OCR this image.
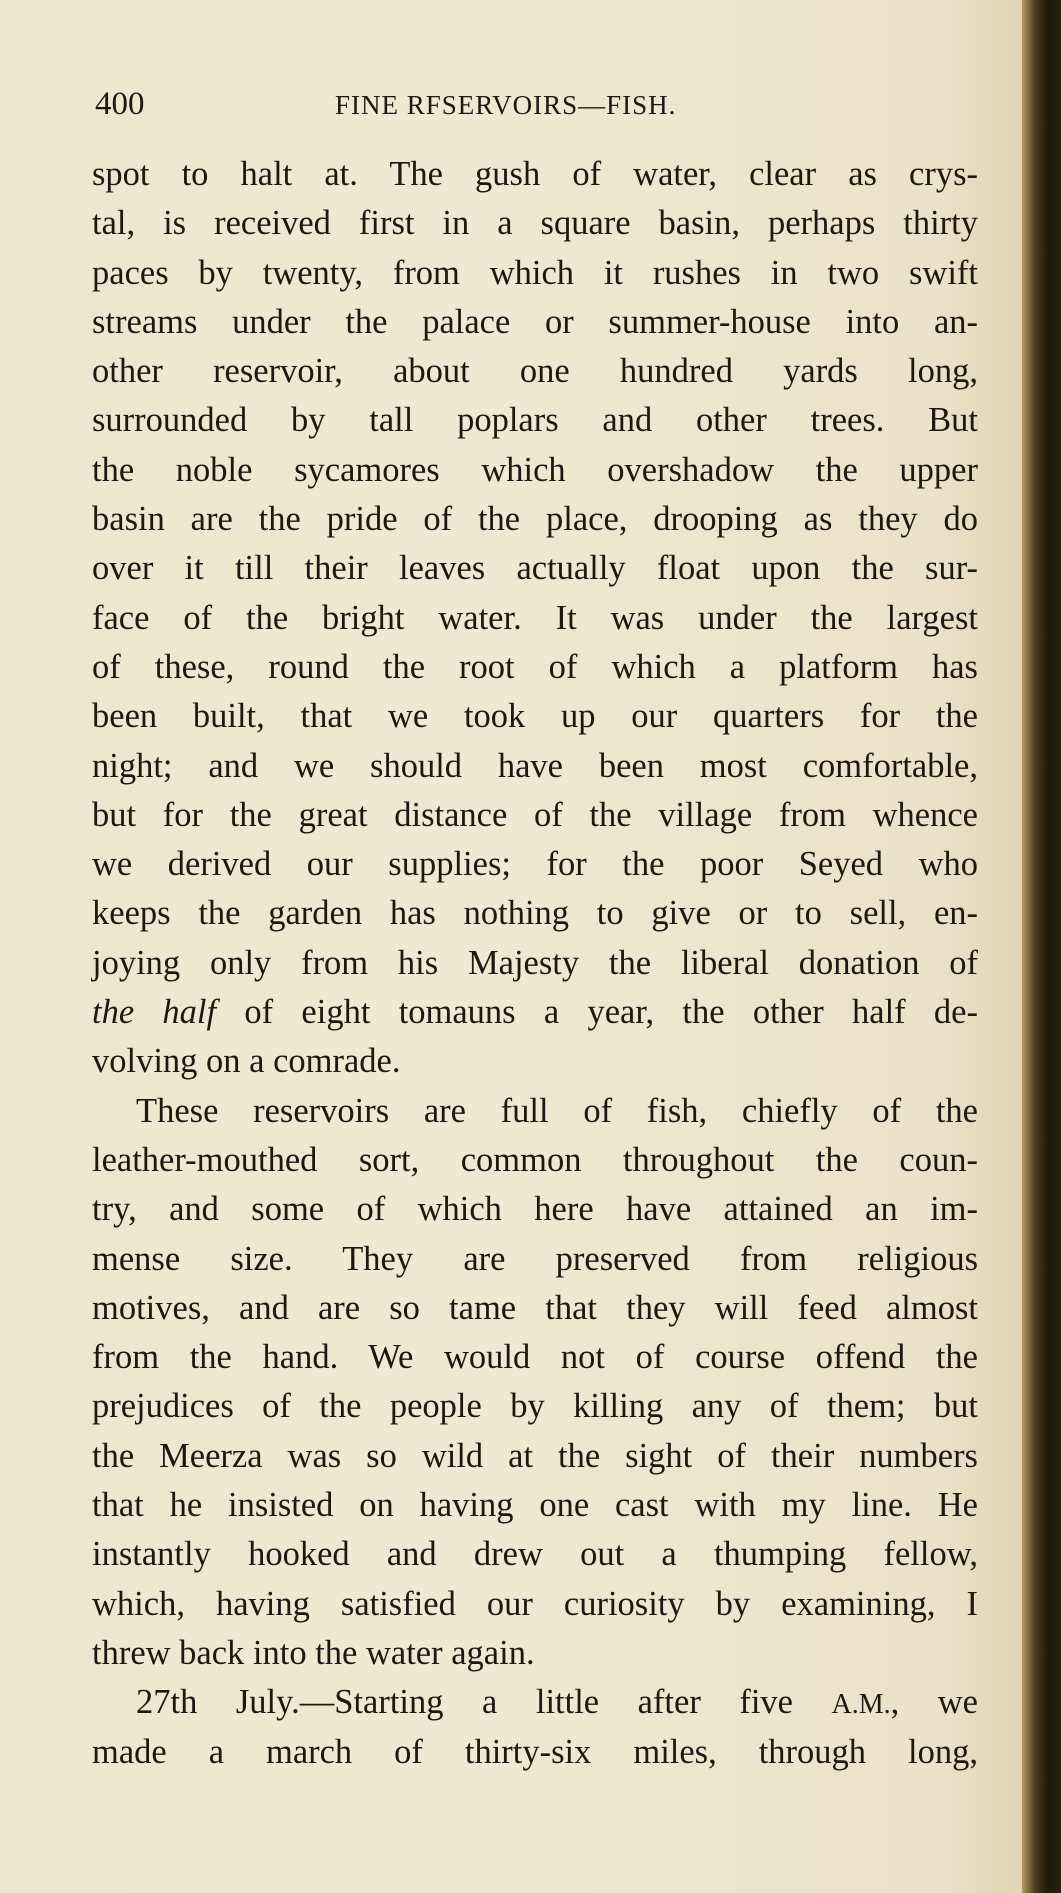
400	FINE RFSERVOIRS—FISH.
spot to halt at. The gush of water, clear as crys-
tal, is received first in a square basin, perhaps thirty
paces by twenty, from which it rushes in two swift
streams under the palace or summer-house into an-
other reservoir, about one hundred yards long,
surrounded by tall poplars and other trees. But
the noble sycamores which overshadow the upper
basin are the pride of the place, drooping as they do
over it till their leaves actually float upon the sur-
face of the bright water. It was under the largest
of these, round the root of which a platform has
been built, that we took up our quarters for the
night; and we should have been most comfortable,
but for the great distance of the village from whence
we derived our supplies; for the poor Seyed who
keeps the garden has nothing to give or to sell, en-
joying only from his Majesty the liberal donation of
the half of eight tomauns a year, the other half de-
volving on a comrade.
These reservoirs are full of fish, chiefly of the
leather-mouthed sort, common throughout the coun-
try, and some of which here have attained an im-
mense size. They are preserved from religious
motives, and are so tame that they will feed almost
from the hand. We would not of course offend the
prejudices of the people by killing any of them; but
the Meerza was so wild at the sight of their numbers
that he insisted on having one cast with my line. He
instantly hooked and drew out a thumping fellow,
which, having satisfied our curiosity by examining, I
threw back into the water again.
27th July.—Starting a little after five A.M., we
made a march of thirty-six miles, through long,
